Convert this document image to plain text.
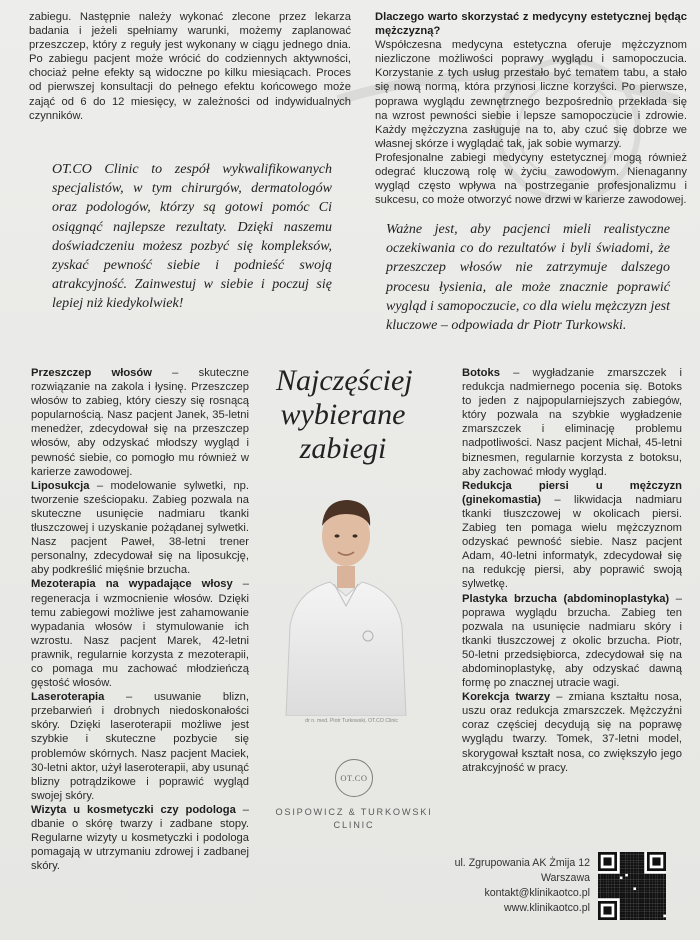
zabiegu. Następnie należy wykonać zlecone przez lekarza badania i jeżeli spełniamy warunki, możemy zaplanować przeszczep, który z reguły jest wykonany w ciągu jednego dnia. Po zabiegu pacjent może wrócić do codziennych aktywności, chociaż pełne efekty są widoczne po kilku miesiącach. Proces od pierwszej konsultacji do pełnego efektu końcowego może zająć od 6 do 12 miesięcy, w zależności od indywidualnych czynników.

Dlaczego warto skorzystać z medycyny estetycznej będąc mężczyzną?

Współczesna medycyna estetyczna oferuje mężczyznom niezliczone możliwości poprawy wyglądu i samopoczucia. Korzystanie z tych usług przestało być tematem tabu, a stało się nową normą, która przynosi liczne korzyści. Po pierwsze, poprawa wyglądu zewnętrznego bezpośrednio przekłada się na wzrost pewności siebie i lepsze samopoczucie i zdrowie. Każdy mężczyzna zasługuje na to, aby czuć się dobrze we własnej skórze i wyglądać tak, jak sobie wymarzy.

Profesjonalne zabiegi medycyny estetycznej mogą również odegrać kluczową rolę w życiu zawodowym. Nienaganny wygląd często wpływa na postrzeganie profesjonalizmu i sukcesu, co może otworzyć nowe drzwi w karierze zawodowej.

OT.CO Clinic to zespół wykwalifikowanych specjalistów, w tym chirurgów, dermatologów oraz podologów, którzy są gotowi pomóc Ci osiągnąć najlepsze rezultaty. Dzięki naszemu doświadczeniu możesz pozbyć się kompleksów, zyskać pewność siebie i podnieść swoją atrakcyjność. Zainwestuj w siebie i poczuj się lepiej niż kiedykolwiek!

Ważne jest, aby pacjenci mieli realistyczne oczekiwania co do rezultatów i byli świadomi, że przeszczep włosów nie zatrzymuje dalszego procesu łysienia, ale może znacznie poprawić wygląd i samopoczucie, co dla wielu mężczyzn jest kluczowe – odpowiada dr Piotr Turkowski.

Przeszczep włosów – skuteczne rozwiązanie na zakola i łysinę. Przeszczep włosów to zabieg, który cieszy się rosnącą popularnością. Nasz pacjent Janek, 35-letni menedżer, zdecydował się na przeszczep włosów, aby odzyskać młodszy wygląd i pewność siebie, co pomogło mu również w karierze zawodowej.

Liposukcja – modelowanie sylwetki, np. tworzenie sześciopaku. Zabieg pozwala na skuteczne usunięcie nadmiaru tkanki tłuszczowej i uzyskanie pożądanej sylwetki. Nasz pacjent Paweł, 38-letni trener personalny, zdecydował się na liposukcję, aby podkreślić mięśnie brzucha.

Mezoterapia na wypadające włosy – regeneracja i wzmocnienie włosów. Dzięki temu zabiegowi możliwe jest zahamowanie wypadania włosów i stymulowanie ich wzrostu. Nasz pacjent Marek, 42-letni prawnik, regularnie korzysta z mezoterapii, co pomaga mu zachować młodzieńczą gęstość włosów.

Laseroterapia – usuwanie blizn, przebarwień i drobnych niedoskonałości skóry. Dzięki laseroterapii możliwe jest szybkie i skuteczne pozbycie się problemów skórnych. Nasz pacjent Maciek, 30-letni aktor, użył laseroterapii, aby usunąć blizny potrądzikowe i poprawić wygląd swojej skóry.

Wizyta u kosmetyczki czy podologa – dbanie o skórę twarzy i zadbane stopy. Regularne wizyty u kosmetyczki i podologa pomagają w utrzymaniu zdrowej i zadbanej skóry.

Najczęściej wybierane zabiegi
dr n. med. Piotr Turkowski, OT.CO Clinic
OT.CO
OSIPOWICZ & TURKOWSKI
CLINIC

Botoks – wygładzanie zmarszczek i redukcja nadmiernego pocenia się. Botoks to jeden z najpopularniejszych zabiegów, który pozwala na szybkie wygładzenie zmarszczek i eliminację problemu nadpotliwości. Nasz pacjent Michał, 45-letni biznesmen, regularnie korzysta z botoksu, aby zachować młody wygląd.

Redukcja piersi u mężczyzn (ginekomastia) – likwidacja nadmiaru tkanki tłuszczowej w okolicach piersi. Zabieg ten pomaga wielu mężczyznom odzyskać pewność siebie. Nasz pacjent Adam, 40-letni informatyk, zdecydował się na redukcję piersi, aby poprawić swoją sylwetkę.

Plastyka brzucha (abdominoplastyka) – poprawa wyglądu brzucha. Zabieg ten pozwala na usunięcie nadmiaru skóry i tkanki tłuszczowej z okolic brzucha. Piotr, 50-letni przedsiębiorca, zdecydował się na abdominoplastykę, aby odzyskać dawną formę po znacznej utracie wagi.

Korekcja twarzy – zmiana kształtu nosa, uszu oraz redukcja zmarszczek. Mężczyźni coraz częściej decydują się na poprawę wyglądu twarzy. Tomek, 37-letni model, skorygował kształt nosa, co zwiększyło jego atrakcyjność w pracy.

ul. Zgrupowania AK Żmija 12
Warszawa
kontakt@klinikaotco.pl
www.klinikaotco.pl
